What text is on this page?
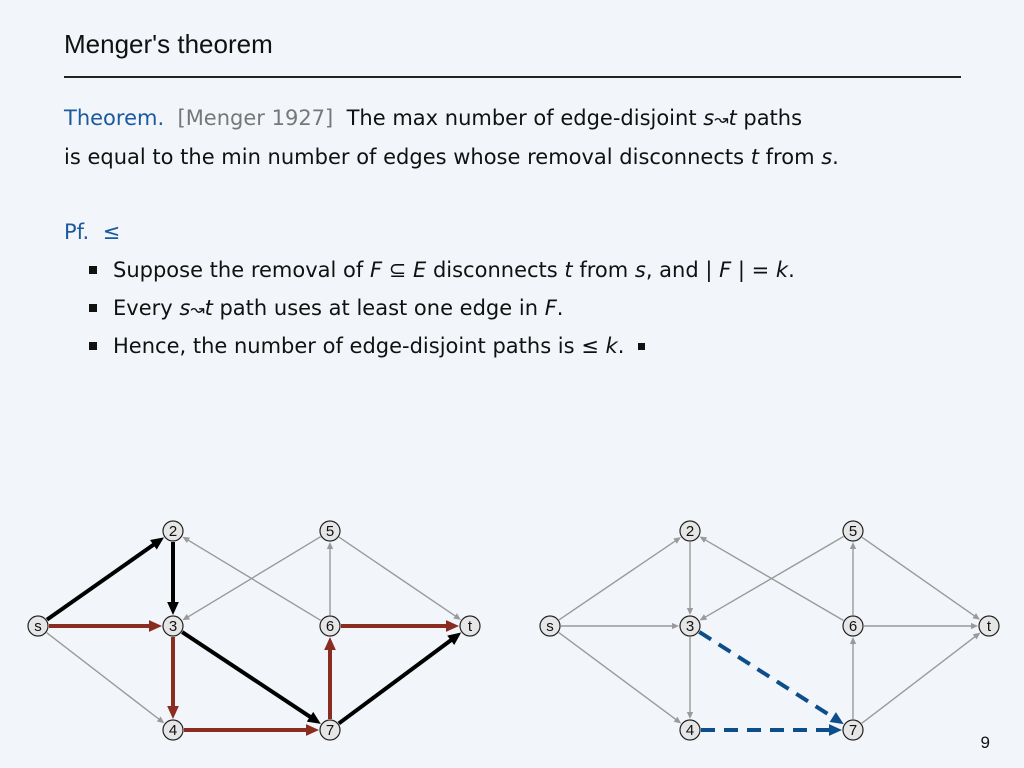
Menger's theorem
Theorem. [Menger 1927] The max number of edge-disjoint s↝t paths
is equal to the min number of edges whose removal disconnects t from s.
Pf. ≤
Suppose the removal of F ⊆ E disconnects t from s, and | F | = k.
Every s↝t path uses at least one edge in F.
Hence, the number of edge-disjoint paths is ≤ k.
s
2
3
4
5
6
7
t	s
2
3
4
5
6
7
t
9
